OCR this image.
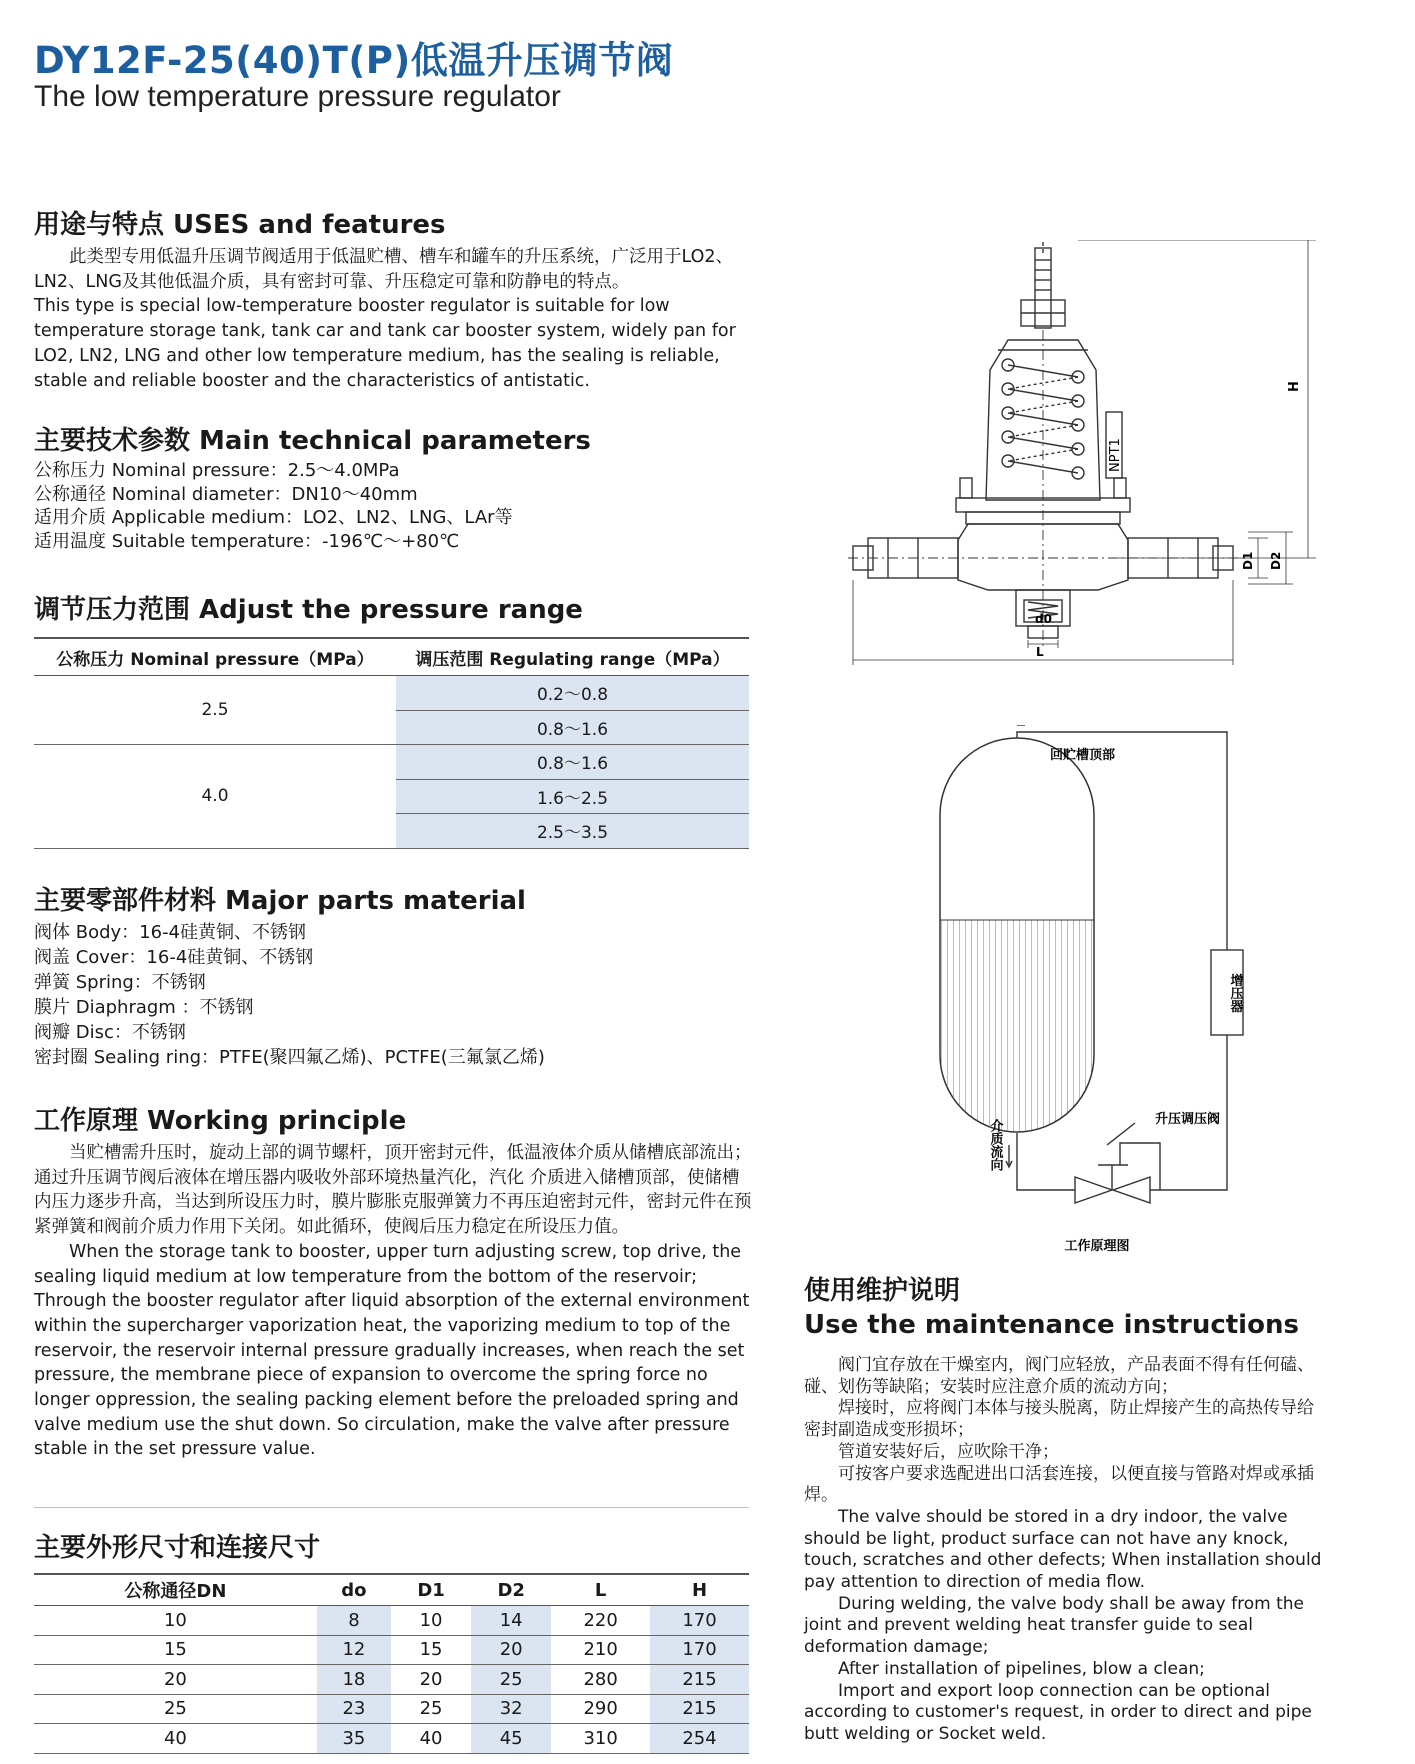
DY12F-25(40)T(P)低温升压调节阀
The low temperature pressure regulator
用途与特点 USES and features

此类型专用低温升压调节阀适用于低温贮槽、槽车和罐车的升压系统，广泛用于LO2、LN2、LNG及其他低温介质，具有密封可靠、升压稳定可靠和防静电的特点。

This type is special low-temperature booster regulator is suitable for low temperature storage tank, tank car and tank car booster system, widely pan for LO2, LN2, LNG and other low temperature medium, has the sealing is reliable, stable and reliable booster and the characteristics of antistatic.

主要技术参数 Main technical parameters
公称压力 Nominal pressure：2.5～4.0MPa
公称通径 Nominal diameter：DN10～40mm
适用介质 Applicable medium：LO2、LN2、LNG、LAr等
适用温度 Suitable temperature：-196℃～+80℃
调节压力范围 Adjust the pressure range
公称压力 Nominal pressure（MPa）	调压范围 Regulating range（MPa）
2.5	0.2～0.8
	0.8～1.6
4.0	0.8～1.6
	1.6～2.5
	2.5～3.5
主要零部件材料 Major parts material
阀体 Body：16-4硅黄铜、不锈钢
阀盖 Cover：16-4硅黄铜、不锈钢
弹簧 Spring：不锈钢
膜片 Diaphragm ：不锈钢
阀瓣 Disc：不锈钢
密封圈 Sealing ring：PTFE(聚四氟乙烯)、PCTFE(三氟氯乙烯)
工作原理 Working principle

当贮槽需升压时，旋动上部的调节螺杆，顶开密封元件，低温液体介质从储槽底部流出；通过升压调节阀后液体在增压器内吸收外部环境热量汽化，汽化 介质进入储槽顶部，使储槽内压力逐步升高，当达到所设压力时，膜片膨胀克服弹簧力不再压迫密封元件，密封元件在预紧弹簧和阀前介质力作用下关闭。如此循环，使阀后压力稳定在所设压力值。

When the storage tank to booster, upper turn adjusting screw, top drive, the sealing liquid medium at low temperature from the bottom of the reservoir; Through the booster regulator after liquid absorption of the external environment within the supercharger vaporization heat, the vaporizing medium to top of the reservoir, the reservoir internal pressure gradually increases, when reach the set pressure, the membrane piece of expansion to overcome the spring force no longer oppression, the sealing packing element before the preloaded spring and valve medium use the shut down. So circulation, make the valve after pressure stable in the set pressure value.

主要外形尺寸和连接尺寸
公称通径DN	do	D1	D2	L	H
10	8	10	14	220	170
15	12	15	20	210	170
20	18	20	25	280	215
25	23	25	32	290	215
40	35	40	45	310	254
H
NPT1
D1 D2
d0
L
回贮槽顶部
增压器
升压调压阀
介质流向
工作原理图
使用维护说明
Use the maintenance instructions

阀门宜存放在干燥室内，阀门应轻放，产品表面不得有任何磕、碰、划伤等缺陷；安装时应注意介质的流动方向；

焊接时，应将阀门本体与接头脱离，防止焊接产生的高热传导给密封副造成变形损坏；

管道安装好后，应吹除干净；

可按客户要求选配进出口活套连接，以便直接与管路对焊或承插焊。

The valve should be stored in a dry indoor, the valve should be light, product surface can not have any knock, touch, scratches and other defects; When installation should pay attention to direction of media flow.

During welding, the valve body shall be away from the joint and prevent welding heat transfer guide to seal deformation damage;

After installation of pipelines, blow a clean;

Import and export loop connection can be optional according to customer's request, in order to direct and pipe butt welding or Socket weld.
